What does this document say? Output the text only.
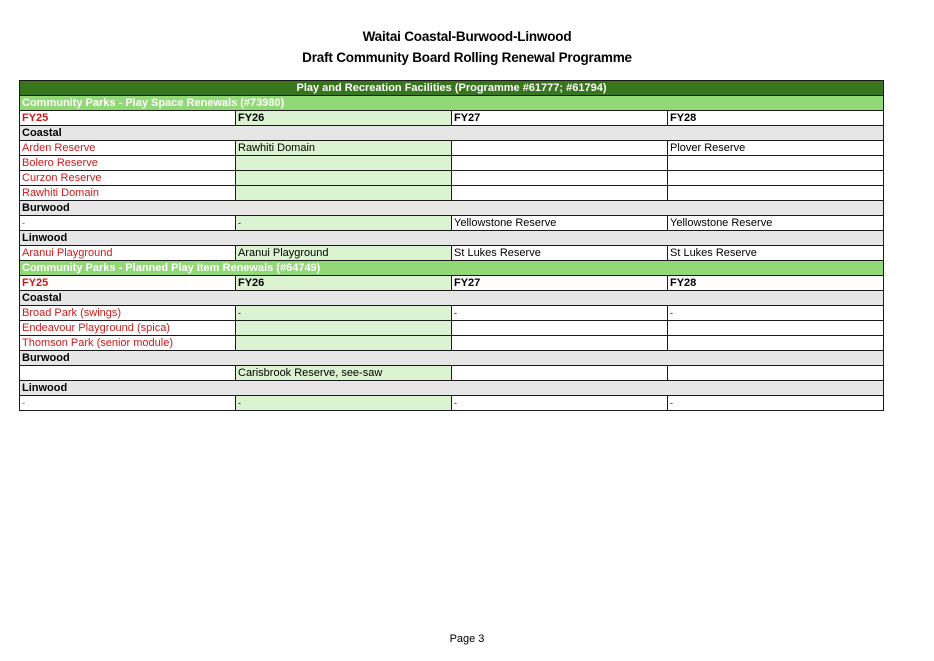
Waitai Coastal-Burwood-Linwood
Draft Community Board Rolling Renewal Programme
Play and Recreation Facilities (Programme #61777; #61794)			
Community Parks - Play Space Renewals (#73980)			
FY25	FY26	FY27	FY28
Coastal			
Arden Reserve	Rawhiti Domain		Plover Reserve
Bolero Reserve			
Curzon Reserve			
Rawhiti Domain			
Burwood			
-	-	Yellowstone Reserve	Yellowstone Reserve
Linwood			
Aranui Playground	Aranui Playground	St Lukes Reserve	St Lukes Reserve
Community Parks - Planned Play Item Renewals (#64749)			
FY25	FY26	FY27	FY28
Coastal			
Broad Park (swings)	-	-	-
Endeavour Playground (spica)			
Thomson Park (senior module)			
Burwood			
	Carisbrook Reserve, see-saw		
Linwood			
-	-	-	-
Page 3
